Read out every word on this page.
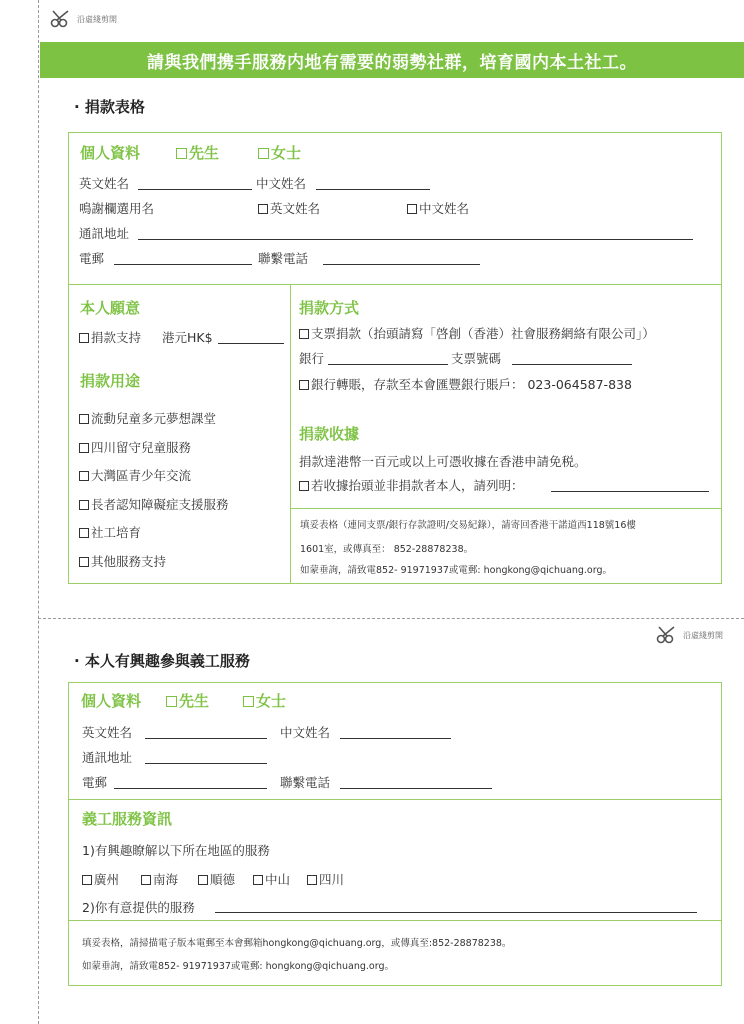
沿虛綫剪開
沿虛綫剪開
請與我們携手服務内地有需要的弱勢社群，培育國内本土社工。
· 捐款表格
個人資料	先生	女士
英文姓名	中文姓名
鳴謝欄選用名	英文姓名	中文姓名
通訊地址
電郵	聯繫電話
本人願意
捐款支持 港元HK$
捐款用途
流動兒童多元夢想課堂
四川留守兒童服務
大灣區青少年交流
長者認知障礙症支援服務
社工培育
其他服務支持
捐款方式
支票捐款（抬頭請寫「啓創（香港）社會服務網絡有限公司」）
銀行	支票號碼
銀行轉賬，存款至本會匯豐銀行賬戶： 023-064587-838
捐款收據
捐款達港幣一百元或以上可憑收據在香港申請免税。
若收據抬頭並非捐款者本人，請列明：
填妥表格（連同支票/銀行存款證明/交易紀錄），請寄回香港干諾道西118號16樓
1601室，或傳真至： 852-28878238。
如蒙垂詢，請致電852- 91971937或電郵: hongkong@qichuang.org。
· 本人有興趣參與義工服務
個人資料	先生	女士
英文姓名	中文姓名
通訊地址
電郵	聯繫電話
義工服務資訊
1)有興趣瞭解以下所在地區的服務
廣州	南海	順德	中山	四川
2)你有意提供的服務
填妥表格，請掃描電子版本電郵至本會郵箱hongkong@qichuang.org，或傳真至:852-28878238。
如蒙垂詢，請致電852- 91971937或電郵: hongkong@qichuang.org。
